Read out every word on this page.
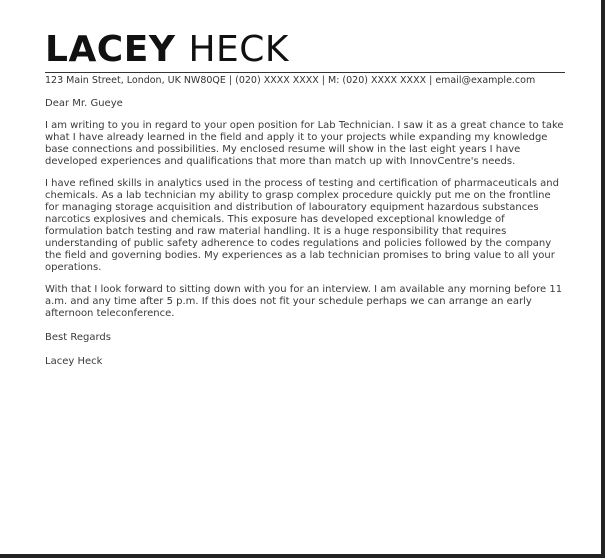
LACEY HECK
123 Main Street, London, UK NW80QE | (020) XXXX XXXX | M: (020) XXXX XXXX | email@example.com

Dear Mr. Gueye

I am writing to you in regard to your open position for Lab Technician. I saw it as a great chance to take what I have already learned in the field and apply it to your projects while expanding my knowledge base connections and possibilities. My enclosed resume will show in the last eight years I have developed experiences and qualifications that more than match up with InnovCentre's needs.

I have refined skills in analytics used in the process of testing and certification of pharmaceuticals and chemicals. As a lab technician my ability to grasp complex procedure quickly put me on the frontline for managing storage acquisition and distribution of labouratory equipment hazardous substances narcotics explosives and chemicals. This exposure has developed exceptional knowledge of formulation batch testing and raw material handling. It is a huge responsibility that requires understanding of public safety adherence to codes regulations and policies followed by the company the field and governing bodies. My experiences as a lab technician promises to bring value to all your operations.

With that I look forward to sitting down with you for an interview. I am available any morning before 11 a.m. and any time after 5 p.m. If this does not fit your schedule perhaps we can arrange an early afternoon teleconference.

Best Regards

Lacey Heck
